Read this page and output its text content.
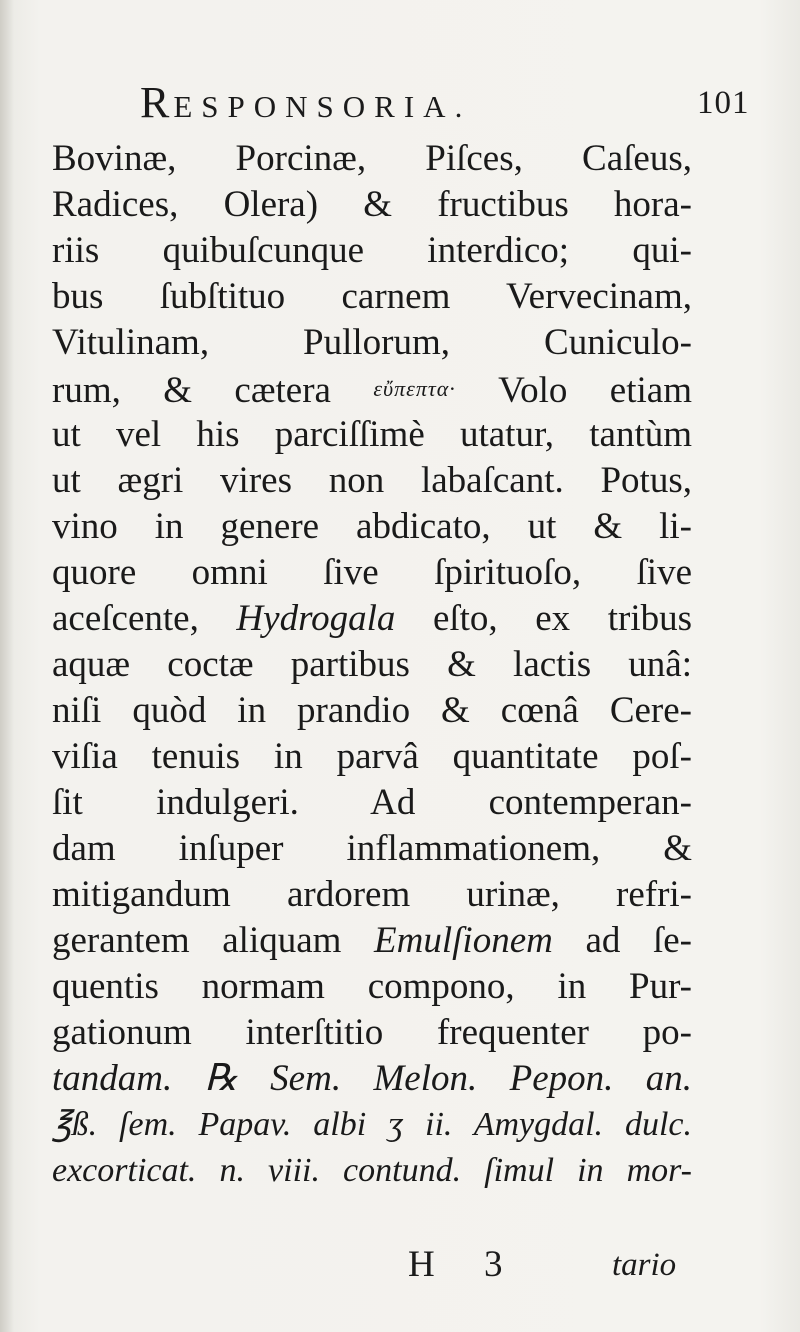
RESPONSORIA.	101
Bovinæ, Porcinæ, Piſces, Caſeus,
Radices, Olera) & fructibus hora-
riis quibuſcunque interdico; qui-
bus ſubſtituo carnem Vervecinam,
Vitulinam, Pullorum, Cuniculo-
rum, & cætera εὔπεπτα· Volo etiam
ut vel his parciſſimè utatur, tantùm
ut ægri vires non labaſcant. Potus,
vino in genere abdicato, ut & li-
quore omni ſive ſpirituoſo, ſive
aceſcente, Hydrogala eſto, ex tribus
aquæ coctæ partibus & lactis unâ:
niſi quòd in prandio & cœnâ Cere-
viſia tenuis in parvâ quantitate poſ-
ſit indulgeri. Ad contemperan-
dam inſuper inflammationem, &
mitigandum ardorem urinæ, refri-
gerantem aliquam Emulſionem ad ſe-
quentis normam compono, in Pur-
gationum interſtitio frequenter po-
tandam. ℞ Sem. Melon. Pepon. an.
℥ß. ſem. Papav. albi ʒ ii. Amygdal. dulc.
excorticat. n. viii. contund. ſimul in mor-
H 3	tario
